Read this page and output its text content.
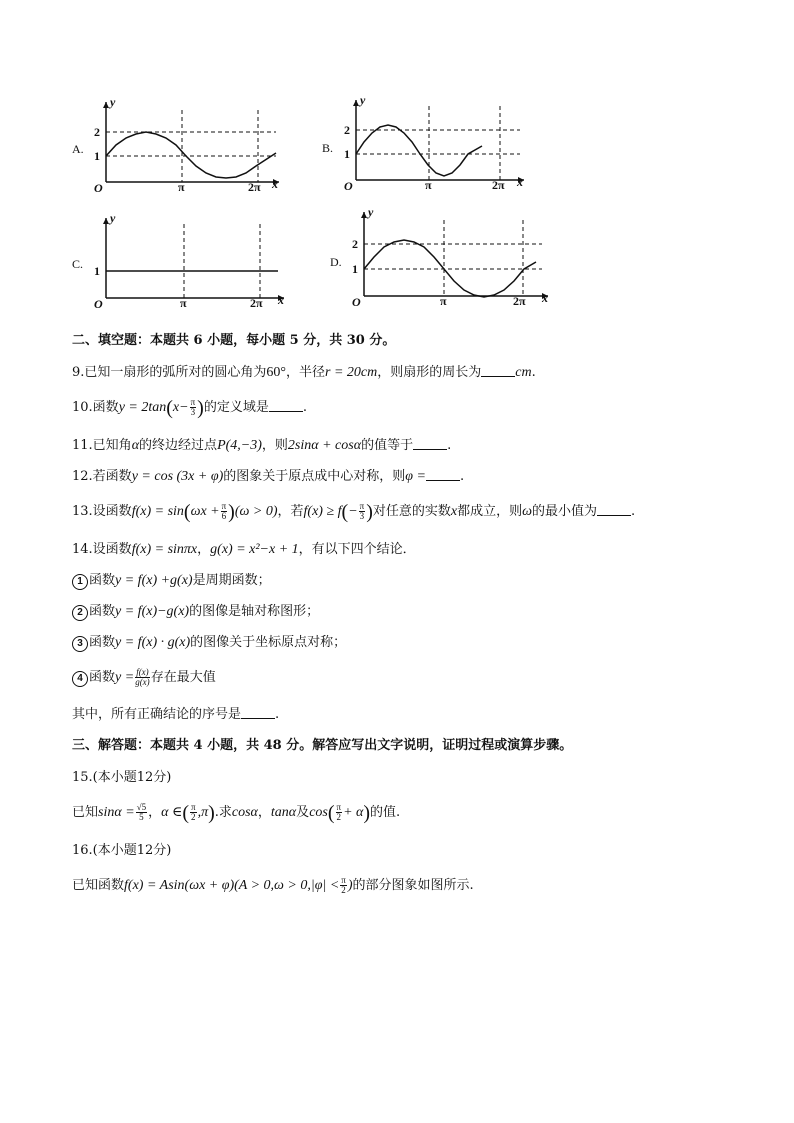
A.
y
x
O
2
1
π	2π
B.
y
x
O
2
1
π	2π
C.
y
x
O
1
π	2π
D.
y
x
O
2
1
π	2π
二、填空题：本题共 6 小题，每小题 5 分，共 30 分。
9.已知一扇形的弧所对的圆心角为60°，半径r = 20cm，则扇形的周长为 cm.
10.函数$y = 2\tan(x- \frac{\pi}{3}$ )的定义域是	.
11.已知角α的终边经过点P(4,−3)，则2sinα + cosα的值等于	.
12.若函数y = cos (3x + φ)的图象关于原点成中心对称，则φ =	.
13.设函数$f(x) = \sin(\omega x + \frac{\pi}{6} )(\omega > 0)$，若$f(x) \ge f(- \frac{\pi}{3}$ )对任意的实数x都成立，则ω的最小值为	.
14.设函数f(x) = sinπx，g(x) = x²−x + 1，有以下四个结论．
1 函数y = f(x) +g(x)是周期函数；
2 函数y = f(x)−g(x)的图像是轴对称图形；
3 函数y = f(x) · g(x)的图像关于坐标原点对称；
4 函数$y = \frac{f(x)}{g(x)}$ 存在最大值
其中，所有正确结论的序号是	.
三、解答题：本题共 4 小题，共 48 分。解答应写出文字说明，证明过程或演算步骤。
15.(本小题12分)
已知$\sin\alpha = \frac{√5}{5}$ ，α ∈( $\frac{\pi}{2} ,\pi$).求cosα，tanα及$\cos( \frac{\pi}{2} + \alpha)$的值.
16.(本小题12分)
已知函数$f(x) = Asin(\omega x + \varphi)(A > 0,\omega > 0,|\varphi| < \frac{\pi}{2}$ )的部分图象如图所示.
